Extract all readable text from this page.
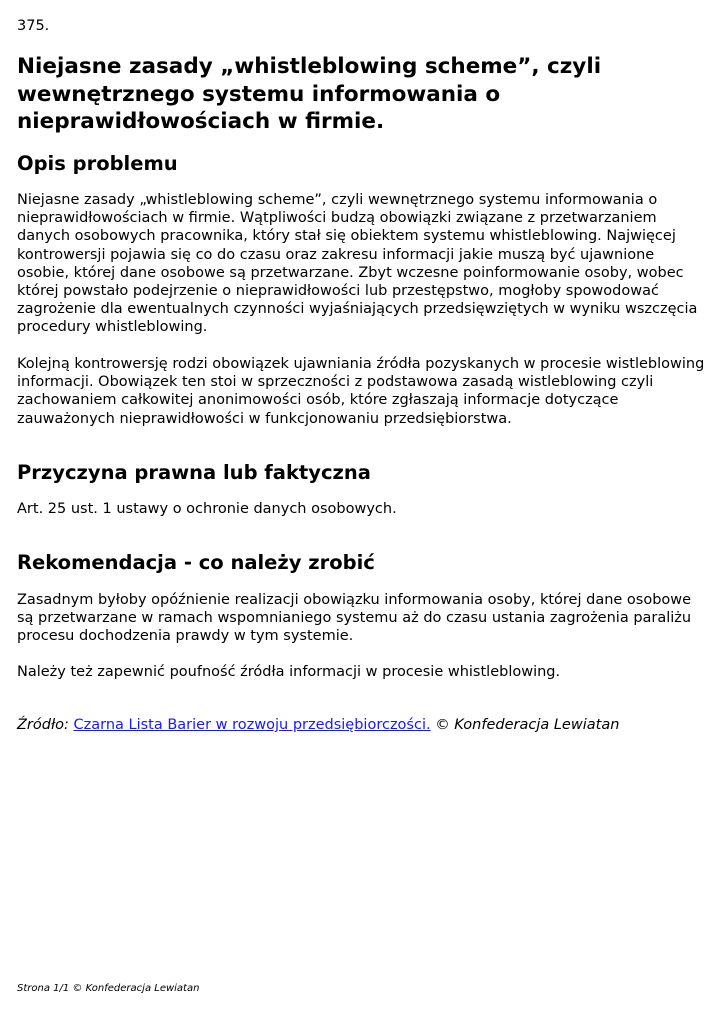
375.
Niejasne zasady „whistleblowing scheme”, czyli wewnętrznego systemu informowania o nieprawidłowościach w firmie.
Opis problemu

Niejasne zasady „whistleblowing scheme”, czyli wewnętrznego systemu informowania o nieprawidłowościach w firmie. Wątpliwości budzą obowiązki związane z przetwarzaniem danych osobowych pracownika, który stał się obiektem systemu whistleblowing. Najwięcej kontrowersji pojawia się co do czasu oraz zakresu informacji jakie muszą być ujawnione osobie, której dane osobowe są przetwarzane. Zbyt wczesne poinformowanie osoby, wobec której powstało podejrzenie o nieprawidłowości lub przestępstwo, mogłoby spowodować zagrożenie dla ewentualnych czynności wyjaśniających przedsięwziętych w wyniku wszczęcia procedury whistleblowing.

Kolejną kontrowersję rodzi obowiązek ujawniania źródła pozyskanych w procesie wistleblowing informacji. Obowiązek ten stoi w sprzeczności z podstawowa zasadą wistleblowing czyli zachowaniem całkowitej anonimowości osób, które zgłaszają informacje dotyczące zauważonych nieprawidłowości w funkcjonowaniu przedsiębiorstwa.

Przyczyna prawna lub faktyczna

Art. 25 ust. 1 ustawy o ochronie danych osobowych.

Rekomendacja - co należy zrobić

Zasadnym byłoby opóźnienie realizacji obowiązku informowania osoby, której dane osobowe są przetwarzane w ramach wspomnianiego systemu aż do czasu ustania zagrożenia paraliżu procesu dochodzenia prawdy w tym systemie.

Należy też zapewnić poufność źródła informacji w procesie whistleblowing.

Źródło: Czarna Lista Barier w rozwoju przedsiębiorczości. © Konfederacja Lewiatan

Strona 1/1 © Konfederacja Lewiatan
